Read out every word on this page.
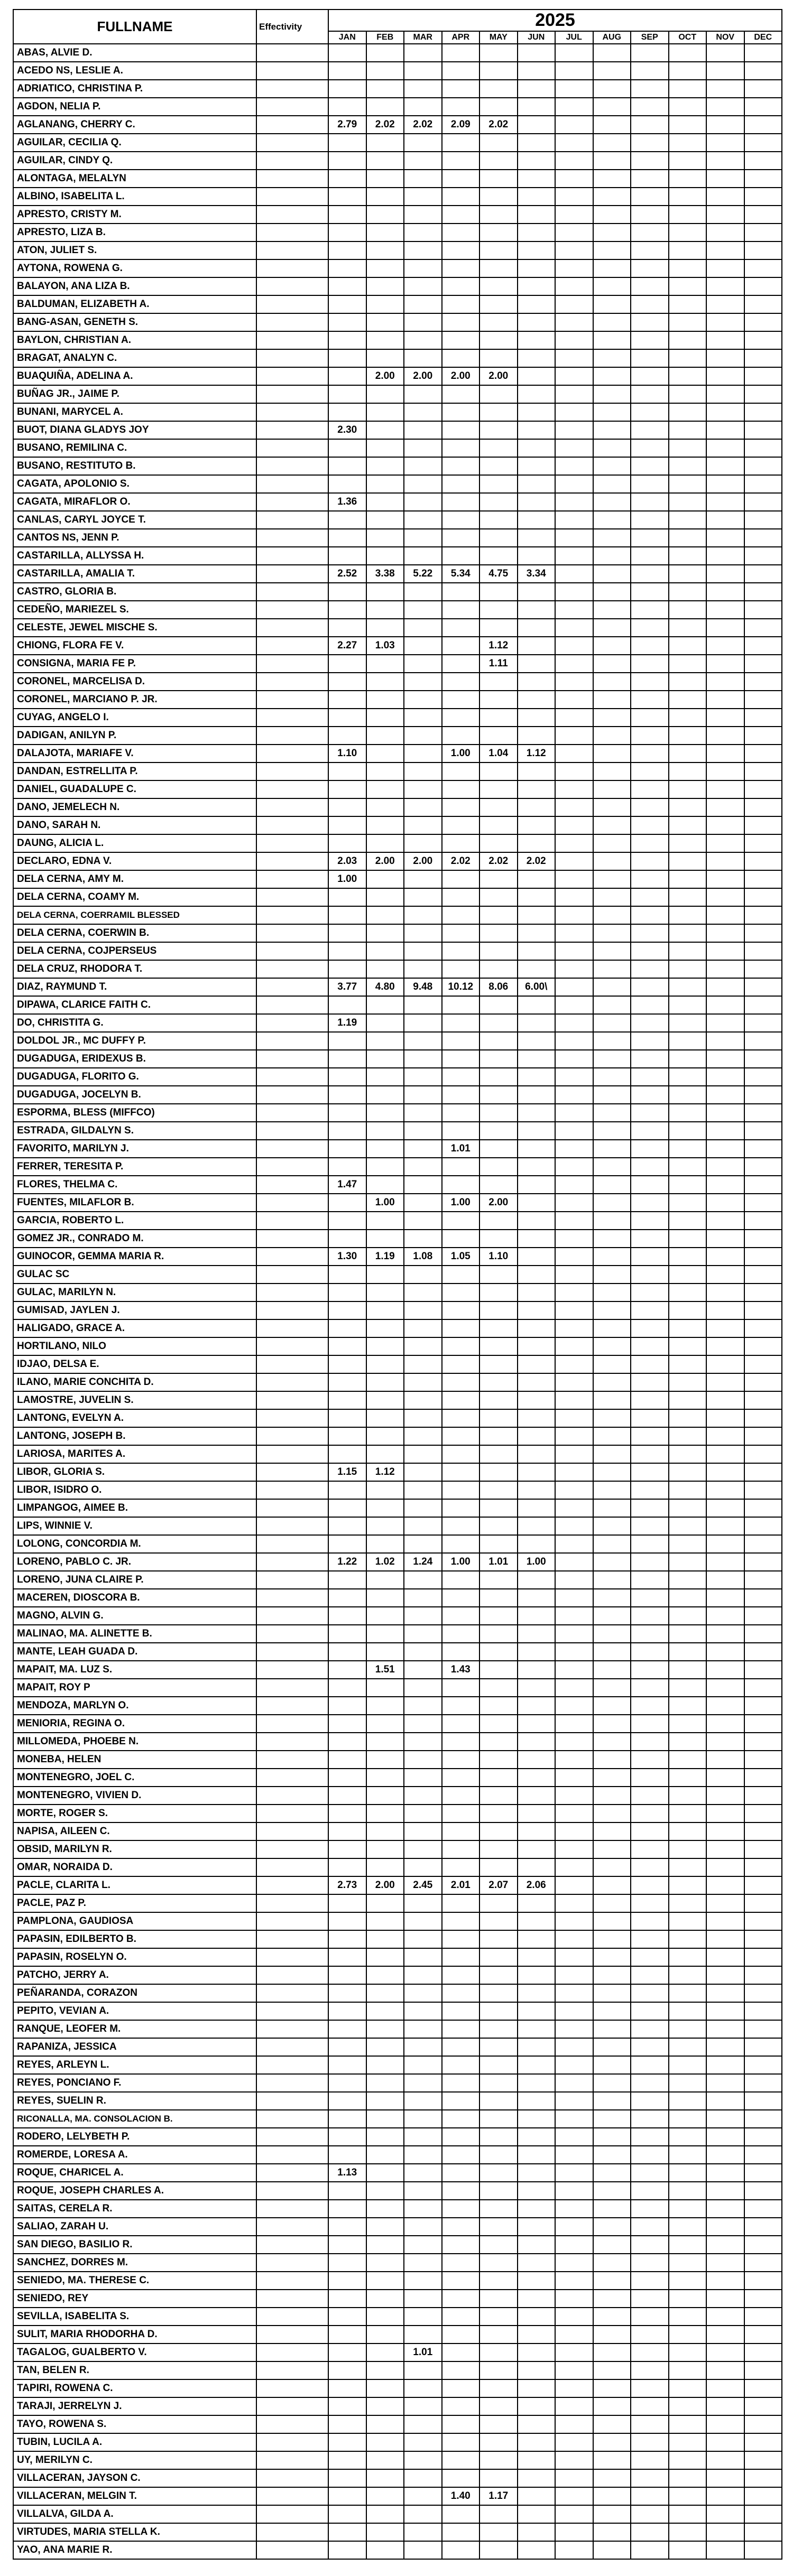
FULLNAME	Effectivity	2025											
		JAN	FEB	MAR	APR	MAY	JUN	JUL	AUG	SEP	OCT	NOV	DEC
ABAS, ALVIE D.													
ACEDO NS, LESLIE A.													
ADRIATICO, CHRISTINA P.													
AGDON, NELIA P.													
AGLANANG, CHERRY C.		2.79	2.02	2.02	2.09	2.02							
AGUILAR, CECILIA Q.													
AGUILAR, CINDY Q.													
ALONTAGA, MELALYN													
ALBINO, ISABELITA L.													
APRESTO, CRISTY M.													
APRESTO, LIZA B.													
ATON, JULIET S.													
AYTONA, ROWENA G.													
BALAYON, ANA LIZA B.													
BALDUMAN, ELIZABETH A.													
BANG-ASAN, GENETH S.													
BAYLON, CHRISTIAN A.													
BRAGAT, ANALYN C.													
BUAQUIÑA, ADELINA A.			2.00	2.00	2.00	2.00							
BUÑAG JR., JAIME P.													
BUNANI, MARYCEL A.													
BUOT, DIANA GLADYS JOY		2.30											
BUSANO, REMILINA C.													
BUSANO, RESTITUTO B.													
CAGATA, APOLONIO S.													
CAGATA, MIRAFLOR O.		1.36											
CANLAS, CARYL JOYCE T.													
CANTOS NS, JENN P.													
CASTARILLA, ALLYSSA H.													
CASTARILLA, AMALIA T.		2.52	3.38	5.22	5.34	4.75	3.34						
CASTRO, GLORIA B.													
CEDEÑO, MARIEZEL S.													
CELESTE, JEWEL MISCHE S.													
CHIONG, FLORA FE V.		2.27	1.03			1.12							
CONSIGNA, MARIA FE P.						1.11							
CORONEL, MARCELISA D.													
CORONEL, MARCIANO P. JR.													
CUYAG, ANGELO I.													
DADIGAN, ANILYN P.													
DALAJOTA, MARIAFE V.		1.10			1.00	1.04	1.12						
DANDAN, ESTRELLITA P.													
DANIEL, GUADALUPE C.													
DANO, JEMELECH N.													
DANO, SARAH N.													
DAUNG, ALICIA L.													
DECLARO, EDNA V.		2.03	2.00	2.00	2.02	2.02	2.02						
DELA CERNA, AMY M.		1.00											
DELA CERNA, COAMY M.													
DELA CERNA, COERRAMIL BLESSED													
DELA CERNA, COERWIN B.													
DELA CERNA, COJPERSEUS													
DELA CRUZ, RHODORA T.													
DIAZ, RAYMUND T.		3.77	4.80	9.48	10.12	8.06	6.00\						
DIPAWA, CLARICE FAITH C.													
DO, CHRISTITA G.		1.19											
DOLDOL JR., MC DUFFY P.													
DUGADUGA, ERIDEXUS B.													
DUGADUGA, FLORITO G.													
DUGADUGA, JOCELYN B.													
ESPORMA, BLESS (MIFFCO)													
ESTRADA, GILDALYN S.													
FAVORITO, MARILYN J.					1.01								
FERRER, TERESITA P.													
FLORES, THELMA C.		1.47											
FUENTES, MILAFLOR B.			1.00		1.00	2.00							
GARCIA, ROBERTO L.													
GOMEZ JR., CONRADO M.													
GUINOCOR, GEMMA MARIA R.		1.30	1.19	1.08	1.05	1.10							
GULAC SC													
GULAC, MARILYN N.													
GUMISAD, JAYLEN J.													
HALIGADO, GRACE A.													
HORTILANO, NILO													
IDJAO, DELSA E.													
ILANO, MARIE CONCHITA D.													
LAMOSTRE, JUVELIN S.													
LANTONG, EVELYN A.													
LANTONG, JOSEPH B.													
LARIOSA, MARITES A.													
LIBOR, GLORIA S.		1.15	1.12										
LIBOR, ISIDRO O.													
LIMPANGOG, AIMEE B.													
LIPS, WINNIE V.													
LOLONG, CONCORDIA M.													
LORENO, PABLO C. JR.		1.22	1.02	1.24	1.00	1.01	1.00						
LORENO, JUNA CLAIRE P.													
MACEREN, DIOSCORA B.													
MAGNO, ALVIN G.													
MALINAO, MA. ALINETTE B.													
MANTE, LEAH GUADA D.													
MAPAIT, MA. LUZ S.			1.51		1.43								
MAPAIT, ROY P													
MENDOZA, MARLYN O.													
MENIORIA, REGINA O.													
MILLOMEDA, PHOEBE N.													
MONEBA, HELEN													
MONTENEGRO, JOEL C.													
MONTENEGRO, VIVIEN D.													
MORTE, ROGER S.													
NAPISA, AILEEN C.													
OBSID, MARILYN R.													
OMAR, NORAIDA D.													
PACLE, CLARITA L.		2.73	2.00	2.45	2.01	2.07	2.06						
PACLE, PAZ P.													
PAMPLONA, GAUDIOSA													
PAPASIN, EDILBERTO B.													
PAPASIN, ROSELYN O.													
PATCHO, JERRY A.													
PEÑARANDA, CORAZON													
PEPITO, VEVIAN A.													
RANQUE, LEOFER M.													
RAPANIZA, JESSICA													
REYES, ARLEYN L.													
REYES, PONCIANO F.													
REYES, SUELIN R.													
RICONALLA, MA. CONSOLACION B.													
RODERO, LELYBETH P.													
ROMERDE, LORESA A.													
ROQUE, CHARICEL A.		1.13											
ROQUE, JOSEPH CHARLES A.													
SAITAS, CERELA R.													
SALIAO, ZARAH U.													
SAN DIEGO, BASILIO R.													
SANCHEZ, DORRES M.													
SENIEDO, MA. THERESE C.													
SENIEDO, REY													
SEVILLA, ISABELITA S.													
SULIT, MARIA RHODORHA D.													
TAGALOG, GUALBERTO V.				1.01									
TAN, BELEN R.													
TAPIRI, ROWENA C.													
TARAJI, JERRELYN J.													
TAYO, ROWENA S.													
TUBIN, LUCILA A.													
UY, MERILYN C.													
VILLACERAN, JAYSON C.													
VILLACERAN, MELGIN T.					1.40	1.17							
VILLALVA, GILDA A.													
VIRTUDES, MARIA STELLA K.													
YAO, ANA MARIE R.													
